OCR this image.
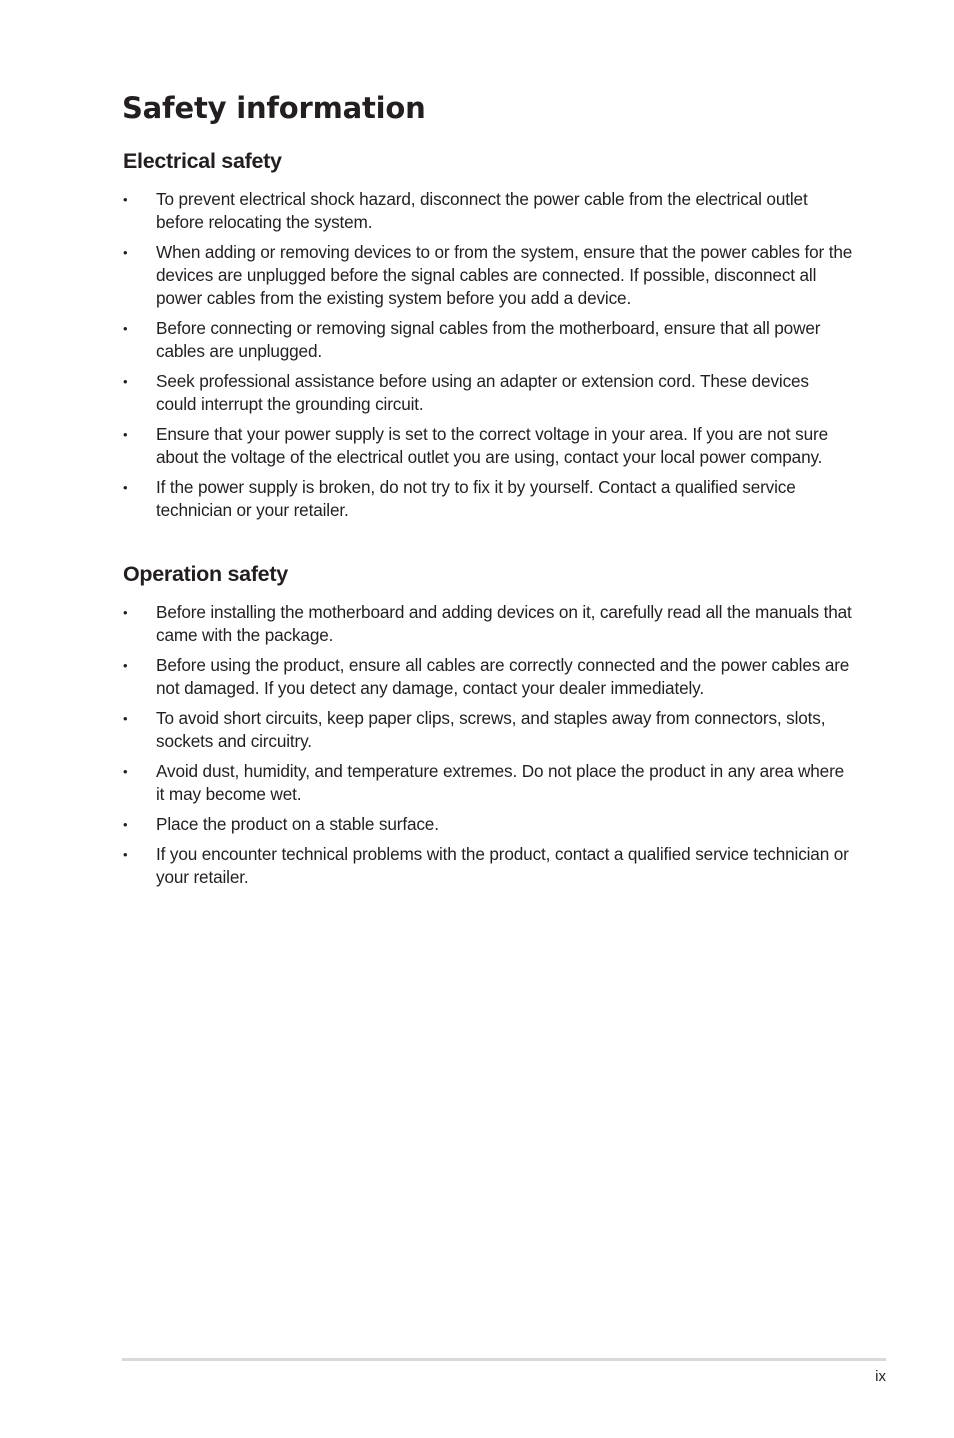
Safety information
Electrical safety
• To prevent electrical shock hazard, disconnect the power cable from the electrical outlet before relocating the system.
• When adding or removing devices to or from the system, ensure that the power cables for the devices are unplugged before the signal cables are connected. If possible, disconnect all power cables from the existing system before you add a device.
• Before connecting or removing signal cables from the motherboard, ensure that all power cables are unplugged.
• Seek professional assistance before using an adapter or extension cord. These devices could interrupt the grounding circuit.
• Ensure that your power supply is set to the correct voltage in your area. If you are not sure about the voltage of the electrical outlet you are using, contact your local power company.
• If the power supply is broken, do not try to fix it by yourself. Contact a qualified service technician or your retailer.
Operation safety
• Before installing the motherboard and adding devices on it, carefully read all the manuals that came with the package.
• Before using the product, ensure all cables are correctly connected and the power cables are not damaged. If you detect any damage, contact your dealer immediately.
• To avoid short circuits, keep paper clips, screws, and staples away from connectors, slots, sockets and circuitry.
• Avoid dust, humidity, and temperature extremes. Do not place the product in any area where it may become wet.
• Place the product on a stable surface.
• If you encounter technical problems with the product, contact a qualified service technician or your retailer.
ix
